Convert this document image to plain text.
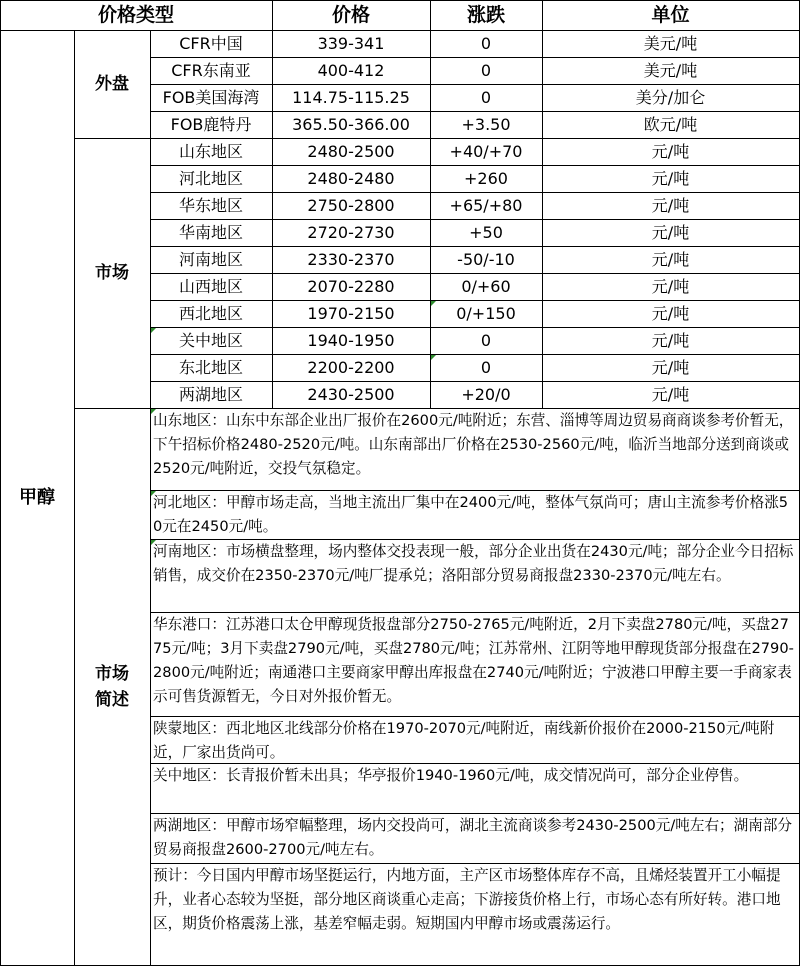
价格类型	价格	涨跌	单位
甲醇
外盘
市场
市场
简述
CFR中国	339-341	0	美元/吨
CFR东南亚	400-412	0	美元/吨
FOB美国海湾	114.75-115.25	0	美分/加仑
FOB鹿特丹	365.50-366.00	+3.50	欧元/吨
山东地区	2480-2500	+40/+70	元/吨
河北地区	2480-2480	+260	元/吨
华东地区	2750-2800	+65/+80	元/吨
华南地区	2720-2730	+50	元/吨
河南地区	2330-2370	-50/-10	元/吨
山西地区	2070-2280	0/+60	元/吨
西北地区	1970-2150	0/+150	元/吨
关中地区	1940-1950	0	元/吨
东北地区	2200-2200	0	元/吨
两湖地区	2430-2500	+20/0	元/吨
山东地区：山东中东部企业出厂报价在2600元/吨附近；东营、淄博等周边贸易商商谈参考价暂无，下午招标价格2480-2520元/吨。山东南部出厂价格在2530-2560元/吨，临沂当地部分送到商谈或2520元/吨附近，交投气氛稳定。
河北地区：甲醇市场走高，当地主流出厂集中在2400元/吨，整体气氛尚可；唐山主流参考价格涨50元在2450元/吨。
河南地区：市场横盘整理，场内整体交投表现一般，部分企业出货在2430元/吨；部分企业今日招标销售，成交价在2350-2370元/吨厂提承兑；洛阳部分贸易商报盘2330-2370元/吨左右。
华东港口：江苏港口太仓甲醇现货报盘部分2750-2765元/吨附近，2月下卖盘2780元/吨，买盘2775元/吨；3月下卖盘2790元/吨，买盘2780元/吨；江苏常州、江阴等地甲醇现货部分报盘在2790-2800元/吨附近；南通港口主要商家甲醇出库报盘在2740元/吨附近；宁波港口甲醇主要一手商家表示可售货源暂无，今日对外报价暂无。
陕蒙地区：西北地区北线部分价格在1970-2070元/吨附近，南线新价报价在2000-2150元/吨附近，厂家出货尚可。
关中地区：长青报价暂未出具；华亭报价1940-1960元/吨，成交情况尚可，部分企业停售。
两湖地区：甲醇市场窄幅整理，场内交投尚可，湖北主流商谈参考2430-2500元/吨左右；湖南部分贸易商报盘2600-2700元/吨左右。
预计：今日国内甲醇市场坚挺运行，内地方面，主产区市场整体库存不高，且烯烃装置开工小幅提升，业者心态较为坚挺，部分地区商谈重心走高；下游接货价格上行，市场心态有所好转。港口地区，期货价格震荡上涨，基差窄幅走弱。短期国内甲醇市场或震荡运行。
